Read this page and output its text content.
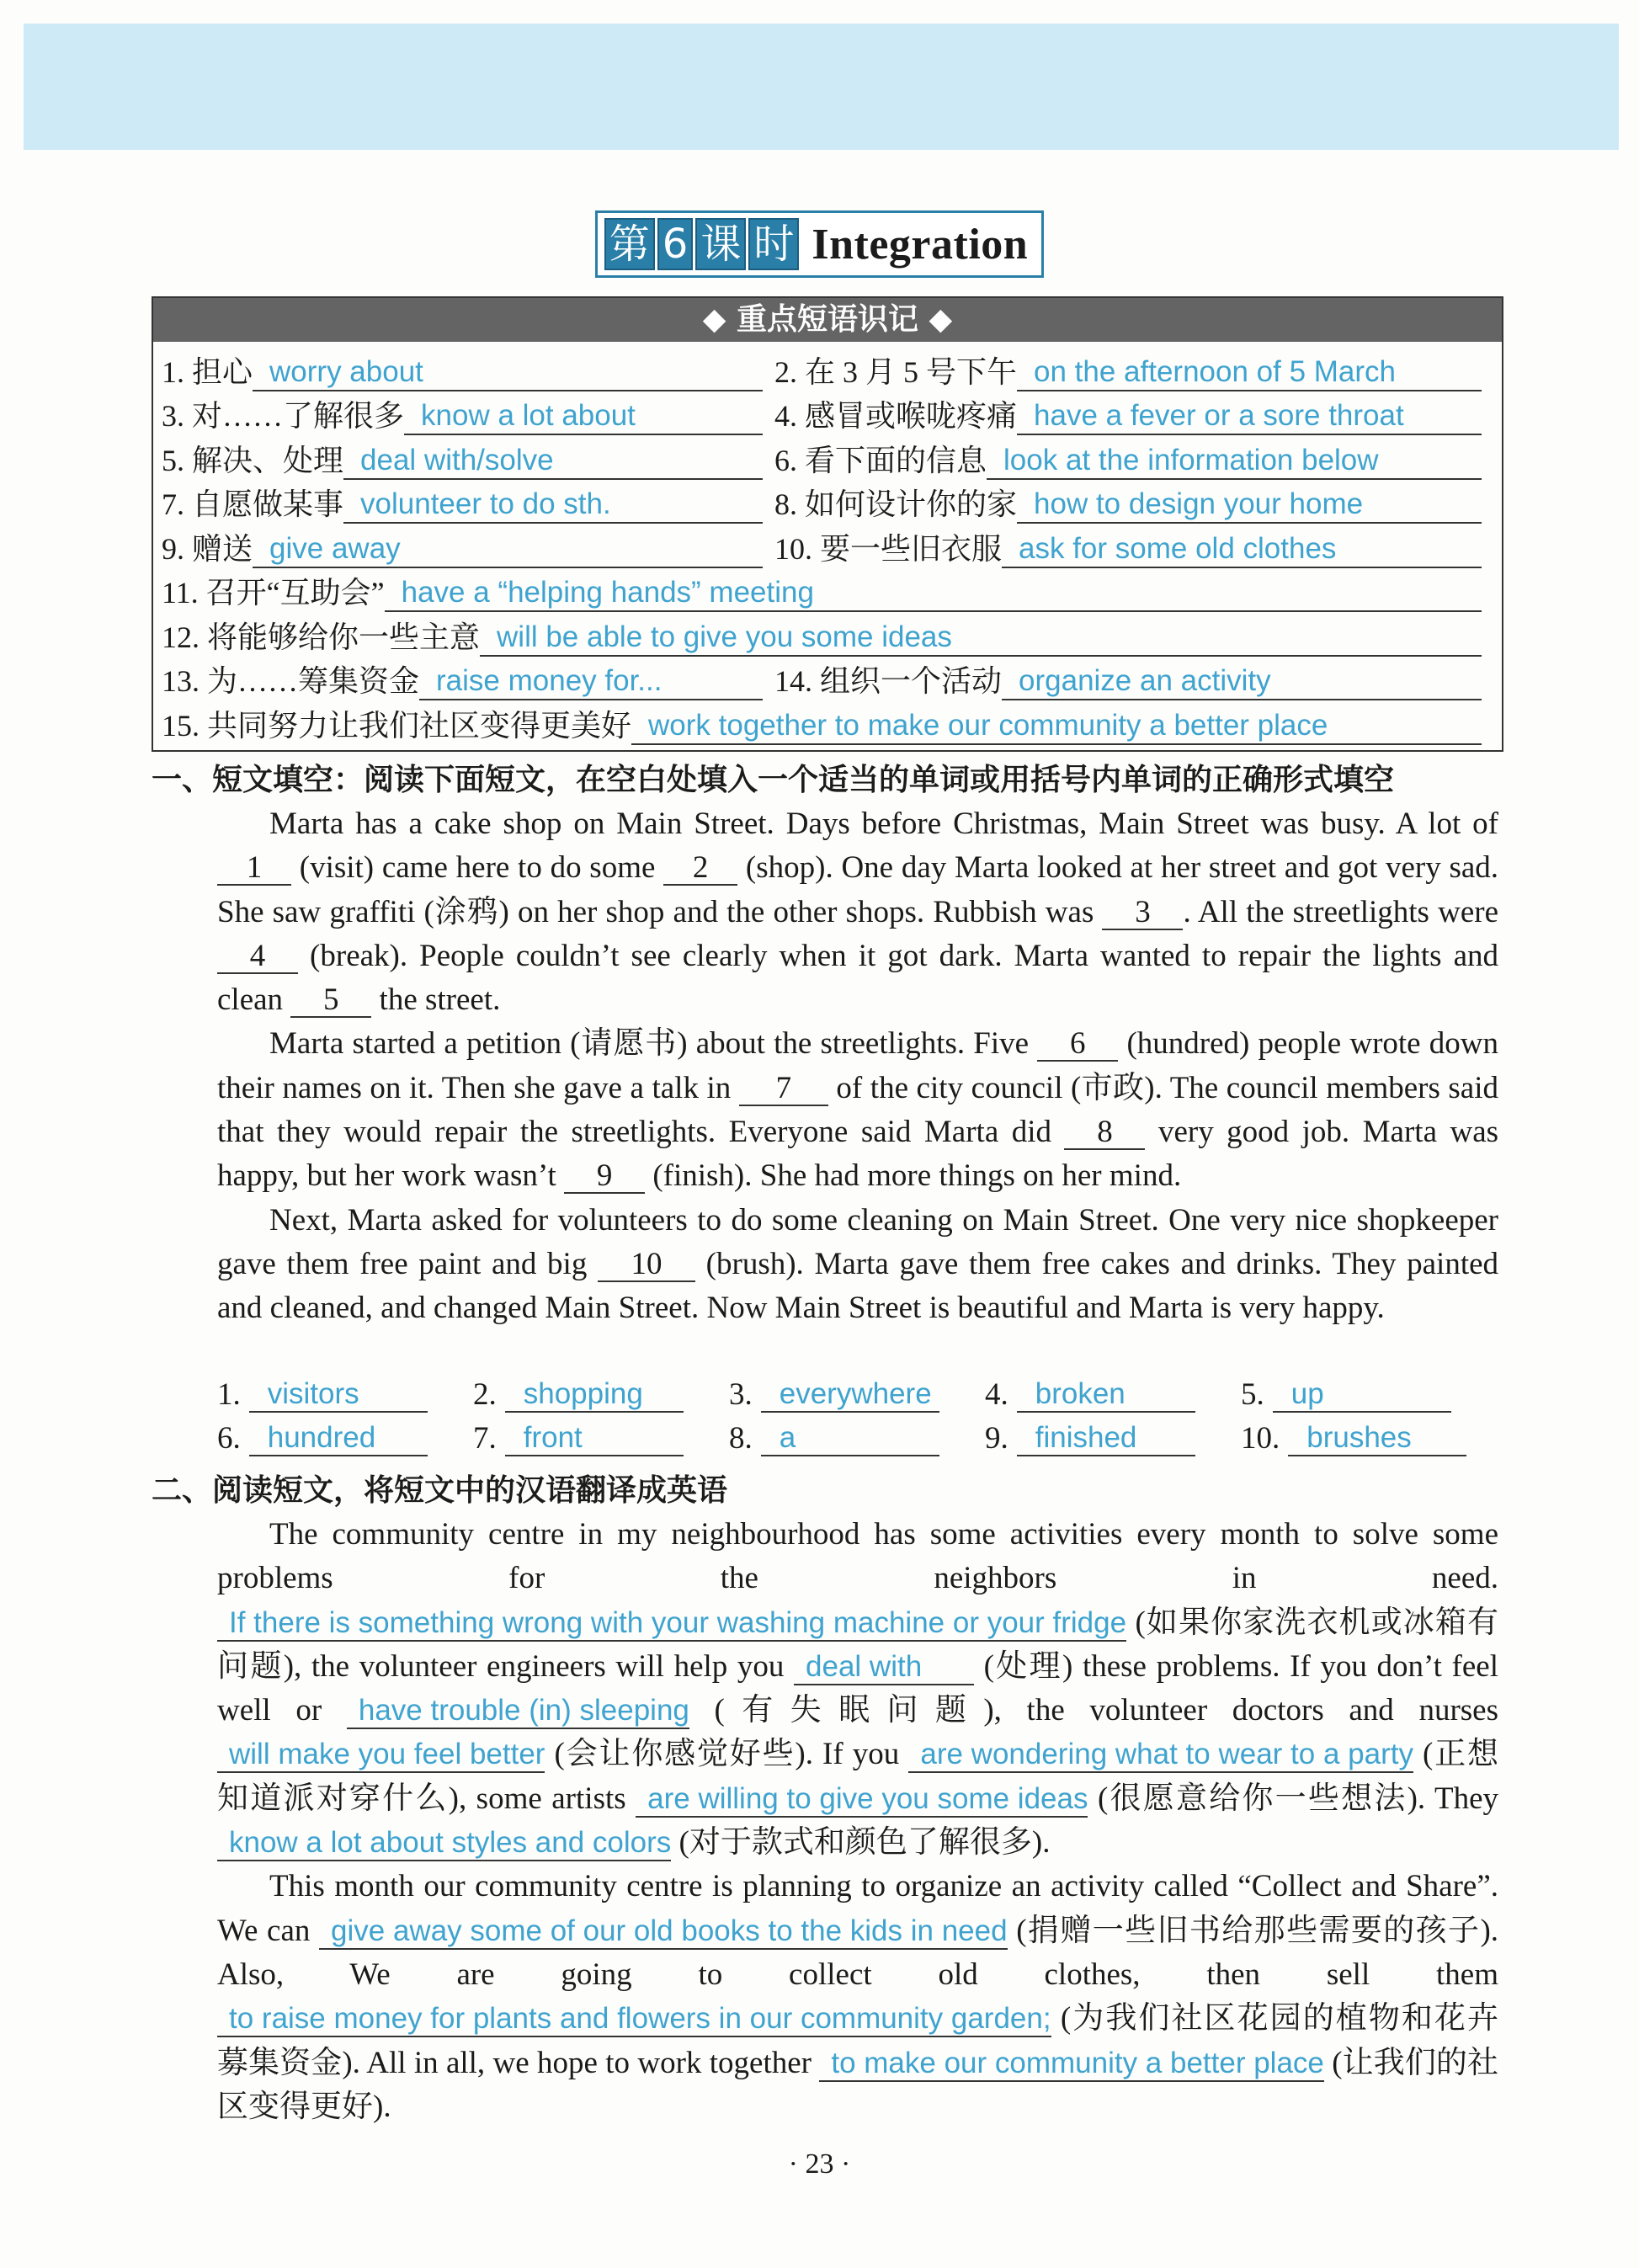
第 6 课 时 Integration
◆ 重点短语识记 ◆
1. 担心 worry about	2. 在 3 月 5 号下午 on the afternoon of 5 March
3. 对……了解很多 know a lot about	4. 感冒或喉咙疼痛 have a fever or a sore throat
5. 解决、处理 deal with/solve	6. 看下面的信息 look at the information below
7. 自愿做某事 volunteer to do sth.	8. 如何设计你的家 how to design your home
9. 赠送 give away	10. 要一些旧衣服 ask for some old clothes
11. 召开“互助会” have a “helping hands” meeting
12. 将能够给你一些主意 will be able to give you some ideas
13. 为……筹集资金 raise money for...	14. 组织一个活动 organize an activity
15. 共同努力让我们社区变得更美好 work together to make our community a better place
一、短文填空：阅读下面短文，在空白处填入一个适当的单词或用括号内单词的正确形式填空

Marta has a cake shop on Main Street. Days before Christmas, Main Street was busy. A lot of 1 (visit) came here to do some 2 (shop). One day Marta looked at her street and got very sad. She saw graffiti (涂鸦) on her shop and the other shops. Rubbish was 3 . All the streetlights were 4 (break). People couldn’t see clearly when it got dark. Marta wanted to repair the lights and clean 5 the street.

Marta started a petition (请愿书) about the streetlights. Five 6 (hundred) people wrote down their names on it. Then she gave a talk in 7 of the city council (市政). The council members said that they would repair the streetlights. Everyone said Marta did 8 very good job. Marta was happy, but her work wasn’t 9 (finish). She had more things on her mind.

Next, Marta asked for volunteers to do some cleaning on Main Street. One very nice shopkeeper gave them free paint and big 10 (brush). Marta gave them free cakes and drinks. They painted and cleaned, and changed Main Street. Now Main Street is beautiful and Marta is very happy.

1. visitors	2. shopping	3. everywhere 4. broken	5. up
6. hundred	7. front	8. a	9. finished	10. brushes
二、阅读短文，将短文中的汉语翻译成英语

The community centre in my neighbourhood has some activities every month to solve some problems for the neighbors in need. If there is something wrong with your washing machine or your fridge (如果你家洗衣机或冰箱有问题), the volunteer engineers will help you deal with (处理) these problems. If you don’t feel well or have trouble (in) sleeping (有失眠问题), the volunteer doctors and nurses will make you feel better (会让你感觉好些). If you are wondering what to wear to a party (正想知道派对穿什么), some artists are willing to give you some ideas (很愿意给你一些想法). They know a lot about styles and colors (对于款式和颜色了解很多).

This month our community centre is planning to organize an activity called “Collect and Share”. We can give away some of our old books to the kids in need (捐赠一些旧书给那些需要的孩子). Also, We are going to collect old clothes, then sell them to raise money for plants and flowers in our community garden; (为我们社区花园的植物和花卉募集资金). All in all, we hope to work together to make our community a better place (让我们的社区变得更好).

· 23 ·
